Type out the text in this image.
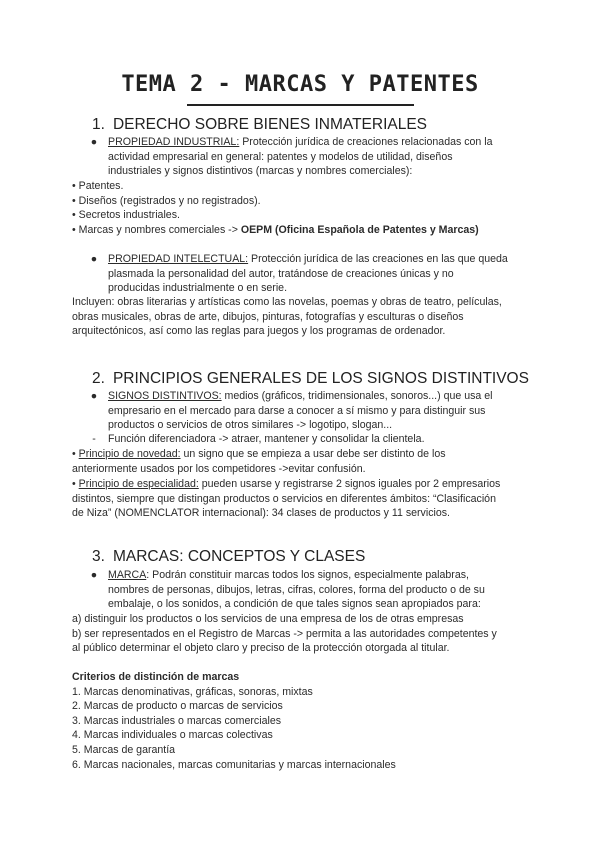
TEMA 2 - MARCAS Y PATENTES
1. DERECHO SOBRE BIENES INMATERIALES
● PROPIEDAD INDUSTRIAL: Protección jurídica de creaciones relacionadas con la

actividad empresarial en general: patentes y modelos de utilidad, diseños

industriales y signos distintivos (marcas y nombres comerciales):

• Patentes.

• Diseños (registrados y no registrados).

• Secretos industriales.

• Marcas y nombres comerciales -> OEPM (Oficina Española de Patentes y Marcas)

● PROPIEDAD INTELECTUAL: Protección jurídica de las creaciones en las que queda

plasmada la personalidad del autor, tratándose de creaciones únicas y no

producidas industrialmente o en serie.

Incluyen: obras literarias y artísticas como las novelas, poemas y obras de teatro, películas,

obras musicales, obras de arte, dibujos, pinturas, fotografías y esculturas o diseños

arquitectónicos, así como las reglas para juegos y los programas de ordenador.

2. PRINCIPIOS GENERALES DE LOS SIGNOS DISTINTIVOS
● SIGNOS DISTINTIVOS: medios (gráficos, tridimensionales, sonoros...) que usa el

empresario en el mercado para darse a conocer a sí mismo y para distinguir sus

productos o servicios de otros similares -> logotipo, slogan...

-	Función diferenciadora -> atraer, mantener y consolidar la clientela.

• Principio de novedad: un signo que se empieza a usar debe ser distinto de los

anteriormente usados por los competidores ->evitar confusión.

• Principio de especialidad: pueden usarse y registrarse 2 signos iguales por 2 empresarios

distintos, siempre que distingan productos o servicios en diferentes ámbitos: “Clasificación

de Niza” (NOMENCLATOR internacional): 34 clases de productos y 11 servicios.

3. MARCAS: CONCEPTOS Y CLASES
● MARCA: Podrán constituir marcas todos los signos, especialmente palabras,

nombres de personas, dibujos, letras, cifras, colores, forma del producto o de su

embalaje, o los sonidos, a condición de que tales signos sean apropiados para:

a) distinguir los productos o los servicios de una empresa de los de otras empresas

b) ser representados en el Registro de Marcas -> permita a las autoridades competentes y

al público determinar el objeto claro y preciso de la protección otorgada al titular.

Criterios de distinción de marcas

1. Marcas denominativas, gráficas, sonoras, mixtas

2. Marcas de producto o marcas de servicios

3. Marcas industriales o marcas comerciales

4. Marcas individuales o marcas colectivas

5. Marcas de garantía

6. Marcas nacionales, marcas comunitarias y marcas internacionales
